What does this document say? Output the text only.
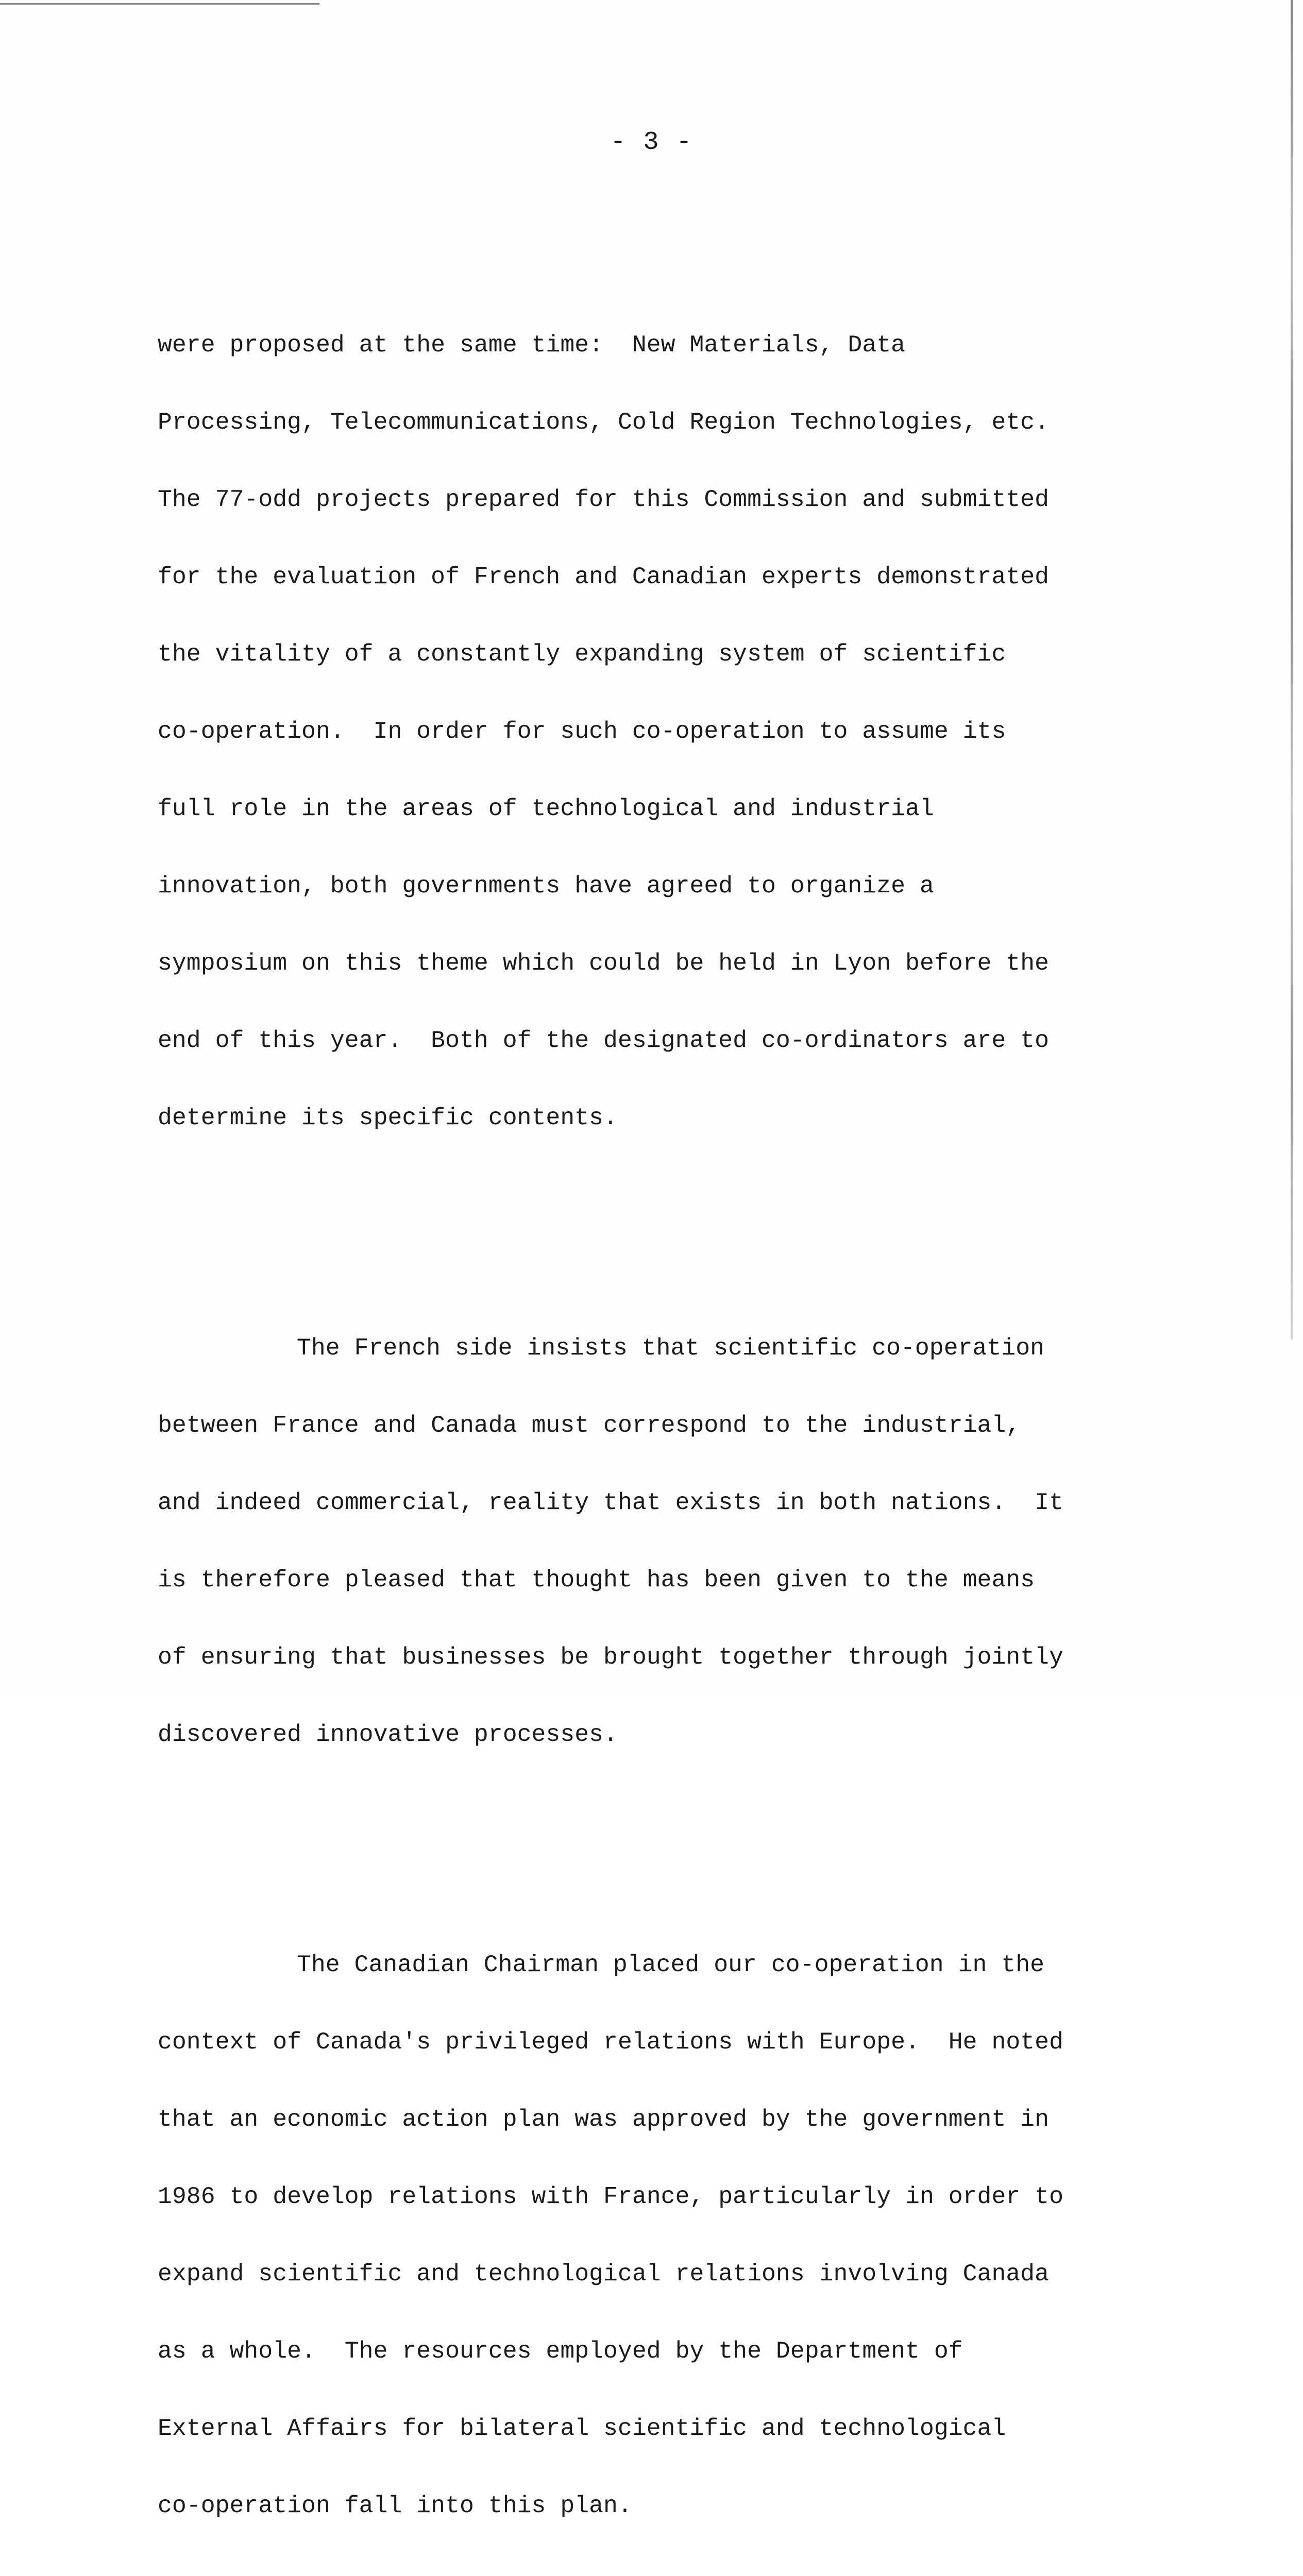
- 3 -

were proposed at the same time:  New Materials, Data

Processing, Telecommunications, Cold Region Technologies, etc.

The 77-odd projects prepared for this Commission and submitted

for the evaluation of French and Canadian experts demonstrated

the vitality of a constantly expanding system of scientific

co-operation.  In order for such co-operation to assume its

full role in the areas of technological and industrial

innovation, both governments have agreed to organize a

symposium on this theme which could be held in Lyon before the

end of this year.  Both of the designated co-ordinators are to

determine its specific contents.

The French side insists that scientific co-operation

between France and Canada must correspond to the industrial,

and indeed commercial, reality that exists in both nations.  It

is therefore pleased that thought has been given to the means

of ensuring that businesses be brought together through jointly

discovered innovative processes.

The Canadian Chairman placed our co-operation in the

context of Canada's privileged relations with Europe.  He noted

that an economic action plan was approved by the government in

1986 to develop relations with France, particularly in order to

expand scientific and technological relations involving Canada

as a whole.  The resources employed by the Department of

External Affairs for bilateral scientific and technological

co-operation fall into this plan.
